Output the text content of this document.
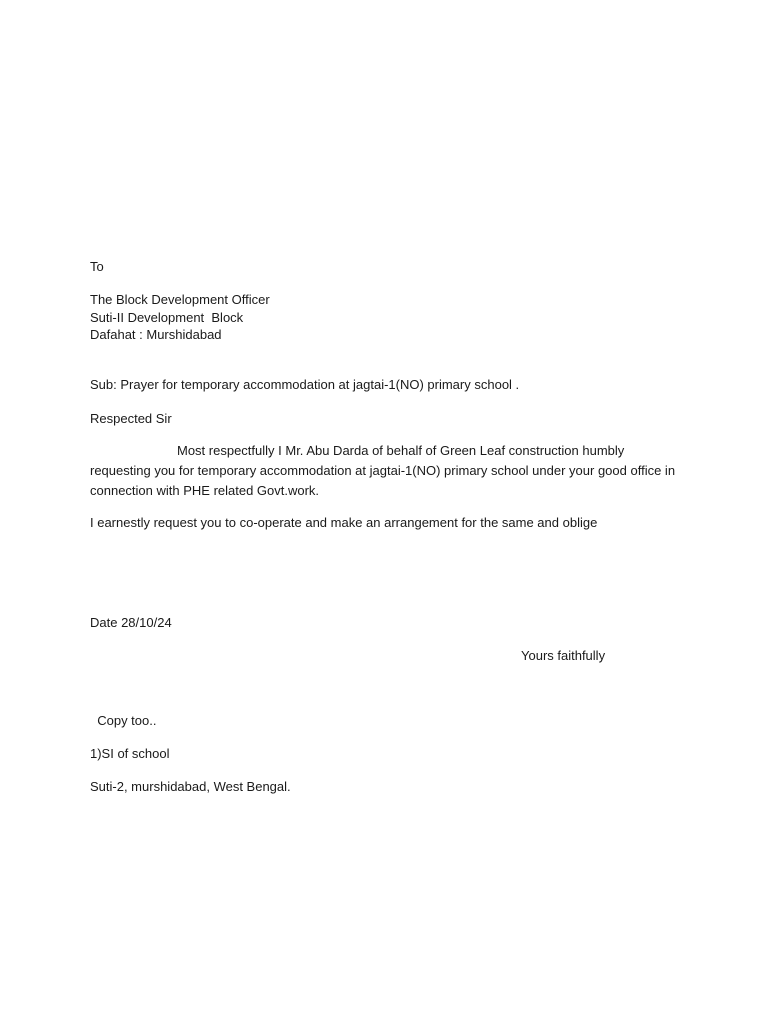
To
The Block Development Officer
Suti-II Development  Block
Dafahat : Murshidabad
Sub: Prayer for temporary accommodation at jagtai-1(NO) primary school .
Respected Sir
Most respectfully I Mr. Abu Darda of behalf of Green Leaf construction humbly requesting you for temporary accommodation at jagtai-1(NO) primary school under your good office in connection with PHE related Govt.work.
I earnestly request you to co-operate and make an arrangement for the same and oblige
Date 28/10/24
Yours faithfully
Copy too..
1)SI of school
Suti-2, murshidabad, West Bengal.
